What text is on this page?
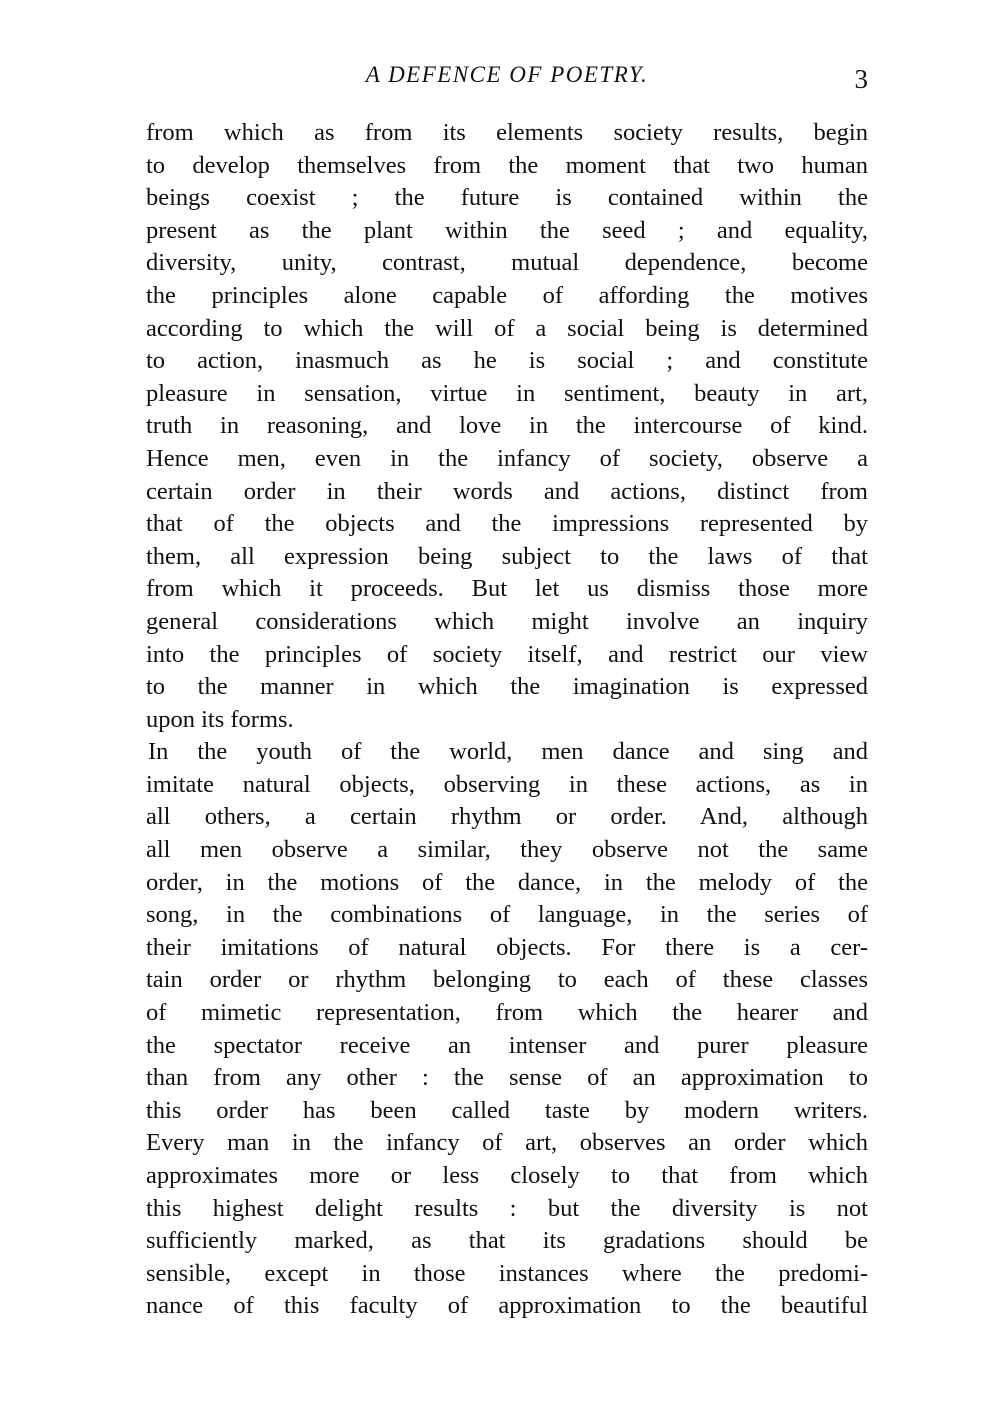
A DEFENCE OF POETRY.	3
from which as from its elements society results, begin
to develop themselves from the moment that two human
beings coexist ; the future is contained within the
present as the plant within the seed ; and equality,
diversity, unity, contrast, mutual dependence, become
the principles alone capable of affording the motives
according to which the will of a social being is determined
to action, inasmuch as he is social ; and constitute
pleasure in sensation, virtue in sentiment, beauty in art,
truth in reasoning, and love in the intercourse of kind.
Hence men, even in the infancy of society, observe a
certain order in their words and actions, distinct from
that of the objects and the impressions represented by
them, all expression being subject to the laws of that
from which it proceeds. But let us dismiss those more
general considerations which might involve an inquiry
into the principles of society itself, and restrict our view
to the manner in which the imagination is expressed
upon its forms.
In the youth of the world, men dance and sing and
imitate natural objects, observing in these actions, as in
all others, a certain rhythm or order. And, although
all men observe a similar, they observe not the same
order, in the motions of the dance, in the melody of the
song, in the combinations of language, in the series of
their imitations of natural objects. For there is a cer-
tain order or rhythm belonging to each of these classes
of mimetic representation, from which the hearer and
the spectator receive an intenser and purer pleasure
than from any other : the sense of an approximation to
this order has been called taste by modern writers.
Every man in the infancy of art, observes an order which
approximates more or less closely to that from which
this highest delight results : but the diversity is not
sufficiently marked, as that its gradations should be
sensible, except in those instances where the predomi-
nance of this faculty of approximation to the beautiful
